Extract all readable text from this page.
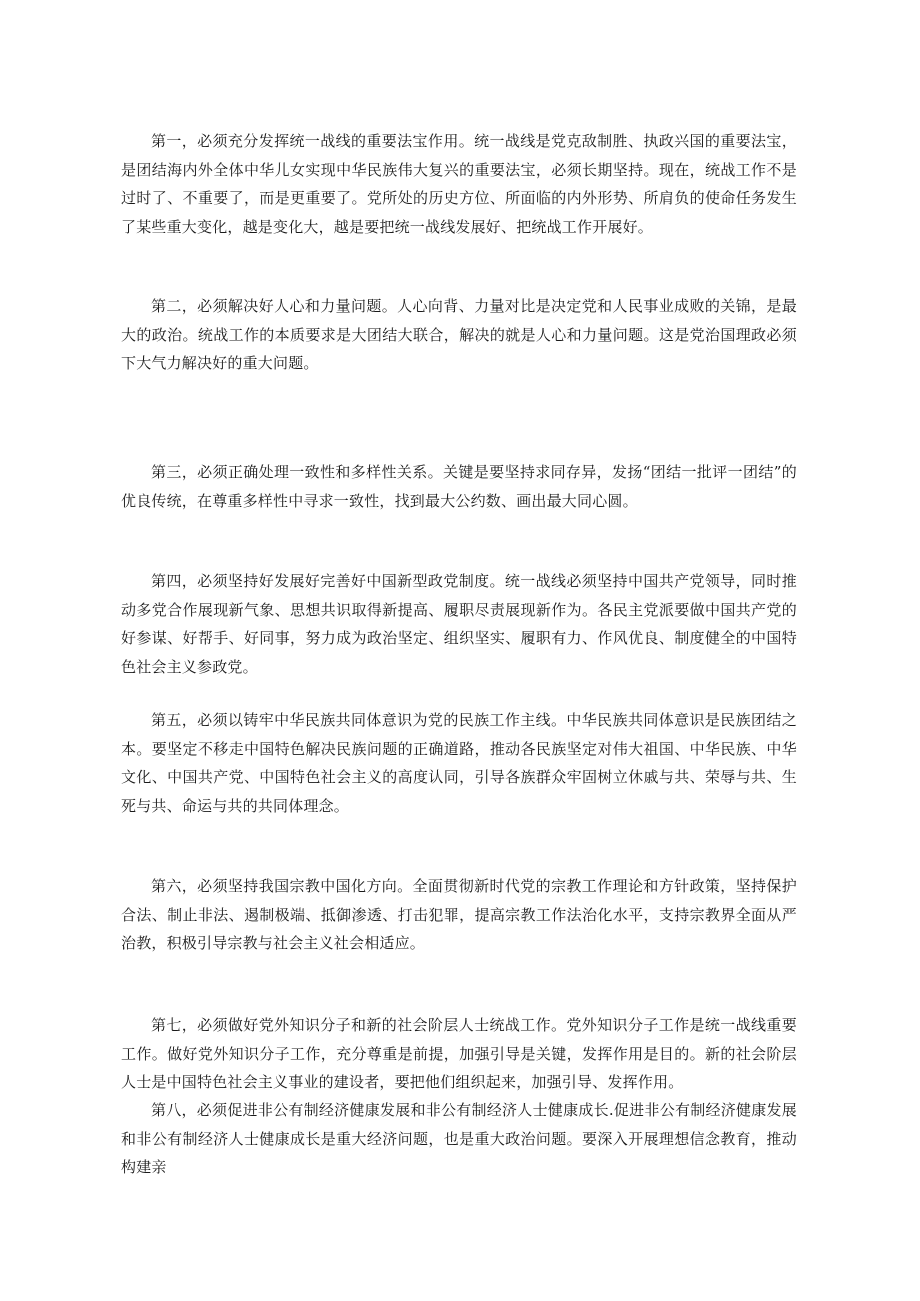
第一，必须充分发挥统一战线的重要法宝作用。统一战线是党克敌制胜、执政兴国的重要法宝，是团结海内外全体中华儿女实现中华民族伟大复兴的重要法宝，必须长期坚持。现在，统战工作不是过时了、不重要了，而是更重要了。党所处的历史方位、所面临的内外形势、所肩负的使命任务发生了某些重大变化，越是变化大，越是要把统一战线发展好、把统战工作开展好。

第二，必须解决好人心和力量问题。人心向背、力量对比是决定党和人民事业成败的关锦，是最大的政治。统战工作的本质要求是大团结大联合，解决的就是人心和力量问题。这是党治国理政必须下大气力解决好的重大问题。

第三，必须正确处理一致性和多样性关系。关键是要坚持求同存异，发扬“团结一批评一团结”的优良传统，在尊重多样性中寻求一致性，找到最大公约数、画出最大同心圆。

第四，必须坚持好发展好完善好中国新型政党制度。统一战线必须坚持中国共产党领导，同时推动多党合作展现新气象、思想共识取得新提高、履职尽责展现新作为。各民主党派要做中国共产党的好参谋、好帮手、好同事，努力成为政治坚定、组织坚实、履职有力、作风优良、制度健全的中国特色社会主义参政党。

第五，必须以铸牢中华民族共同体意识为党的民族工作主线。中华民族共同体意识是民族团结之本。要坚定不移走中国特色解决民族问题的正确道路，推动各民族坚定对伟大祖国、中华民族、中华文化、中国共产党、中国特色社会主义的高度认同，引导各族群众牢固树立休戚与共、荣辱与共、生死与共、命运与共的共同体理念。

第六，必须坚持我国宗教中国化方向。全面贯彻新时代党的宗教工作理论和方针政策，坚持保护合法、制止非法、遏制极端、抵御渗透、打击犯罪，提高宗教工作法治化水平，支持宗教界全面从严治教，积极引导宗教与社会主义社会相适应。

第七，必须做好党外知识分子和新的社会阶层人士统战工作。党外知识分子工作是统一战线重要工作。做好党外知识分子工作，充分尊重是前提，加强引导是关键，发挥作用是目的。新的社会阶层人士是中国特色社会主义事业的建设者，要把他们组织起来，加强引导、发挥作用。

第八，必须促进非公有制经济健康发展和非公有制经济人士健康成长.促进非公有制经济健康发展和非公有制经济人士健康成长是重大经济问题，也是重大政治问题。要深入开展理想信念教育，推动构建亲
